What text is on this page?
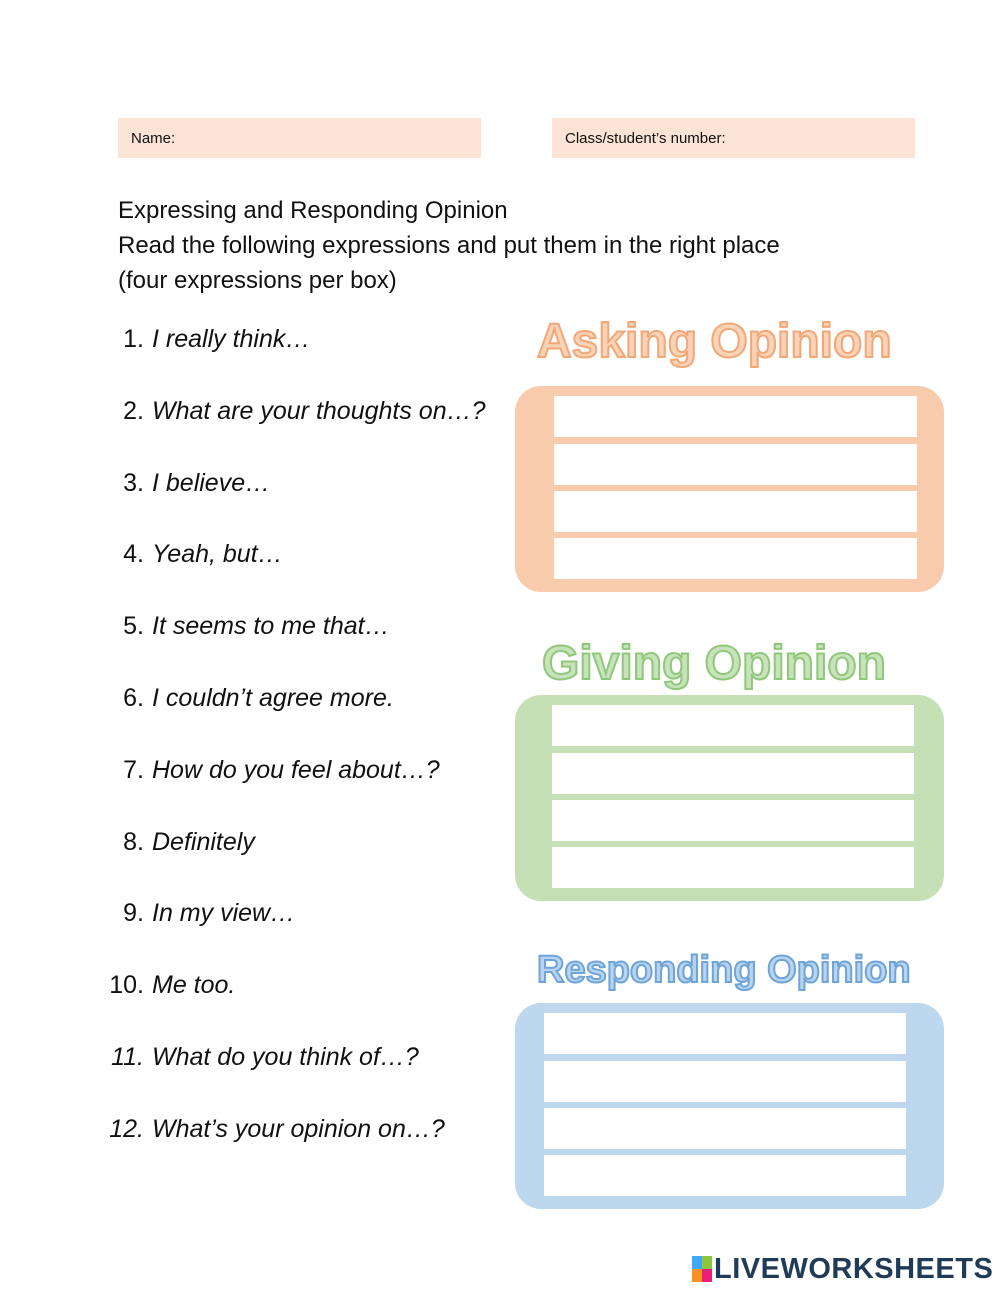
Name:	Class/student’s number:
Expressing and Responding Opinion
Read the following expressions and put them in the right place
(four expressions per box)
1. I really think…
2. What are your thoughts on…?
3. I believe…
4. Yeah, but…
5. It seems to me that…
6. I couldn’t agree more.
7. How do you feel about…?
8. Definitely
9. In my view…
10. Me too.
11. What do you think of…?
12. What’s your opinion on…?
Asking Opinion
Giving Opinion
Responding Opinion
LIVEWORKSHEETS
